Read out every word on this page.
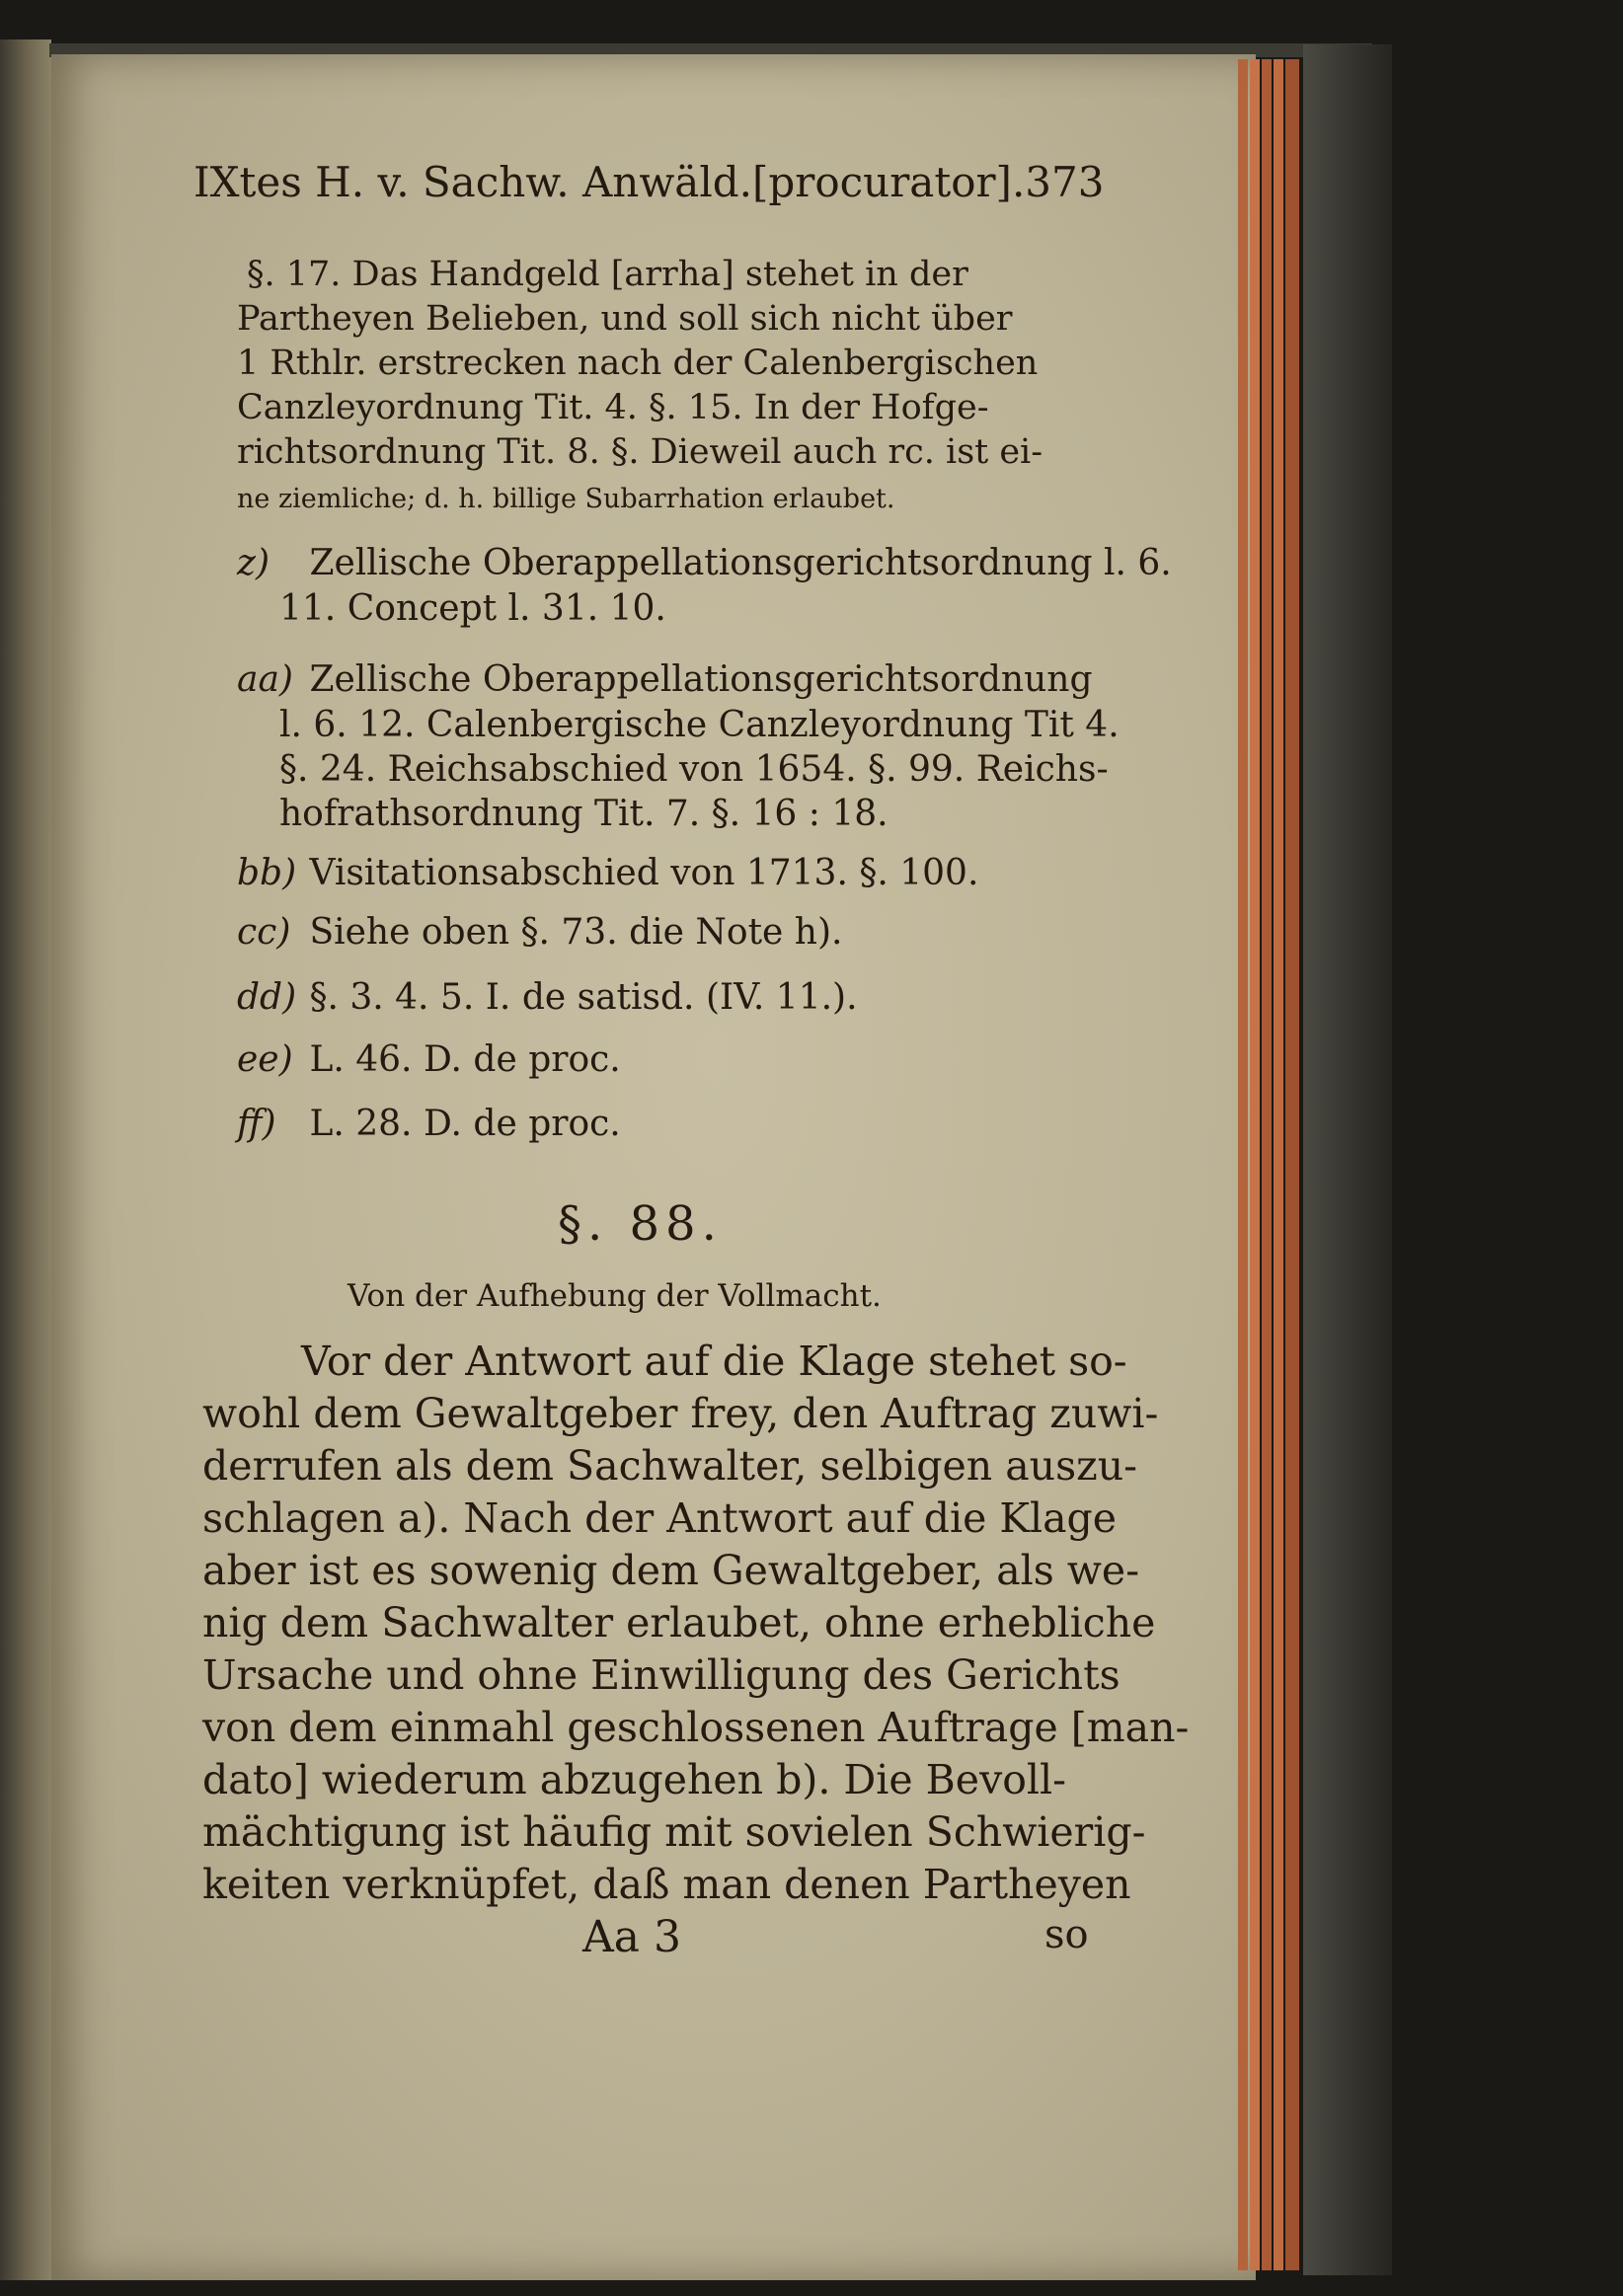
IXtes H. v. Sachw. Anwäld.[procurator]. 373
§. 17. Das Handgeld [arrha] stehet in der
Partheyen Belieben, und soll sich nicht über
1 Rthlr. erstrecken nach der Calenbergischen
Canzleyordnung Tit. 4. §. 15. In der Hofge-
richtsordnung Tit. 8. §. Dieweil auch rc. ist ei-
ne ziemliche; d. h. billige Subarrhation erlaubet.
z) Zellische Oberappellationsgerichtsordnung l. 6.
11. Concept l. 31. 10.
aa) Zellische Oberappellationsgerichtsordnung
l. 6. 12. Calenbergische Canzleyordnung Tit 4.
§. 24. Reichsabschied von 1654. §. 99. Reichs-
hofrathsordnung Tit. 7. §. 16 : 18.
bb) Visitationsabschied von 1713. §. 100.
cc) Siehe oben §. 73. die Note h).
dd) §. 3. 4. 5. I. de satisd. (IV. 11.).
ee) L. 46. D. de proc.
ff) L. 28. D. de proc.
§. 88.
Von der Aufhebung der Vollmacht.
Vor der Antwort auf die Klage stehet so-
wohl dem Gewaltgeber frey, den Auftrag zuwi-
derrufen als dem Sachwalter, selbigen auszu-
schlagen a). Nach der Antwort auf die Klage
aber ist es sowenig dem Gewaltgeber, als we-
nig dem Sachwalter erlaubet, ohne erhebliche
Ursache und ohne Einwilligung des Gerichts
von dem einmahl geschlossenen Auftrage [man-
dato] wiederum abzugehen b). Die Bevoll-
mächtigung ist häufig mit sovielen Schwierig-
keiten verknüpfet, daß man denen Partheyen
Aa 3	so
